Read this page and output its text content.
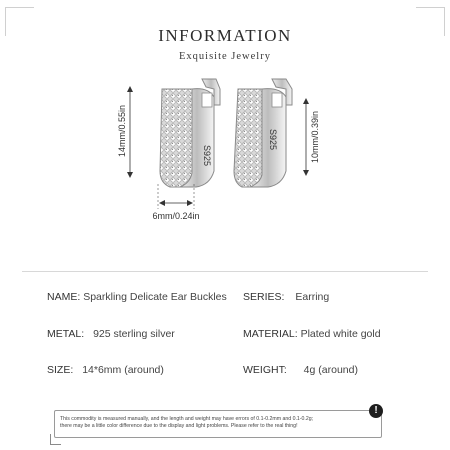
INFORMATION
Exquisite Jewelry
S925
S925
14mm/0.55in	10mm/0.39in
6mm/0.24in
NAME: Sparkling Delicate Ear Buckles SERIES: Earring
METAL: 925 sterling silver	MATERIAL: Plated white gold
SIZE: 14*6mm (around)	WEIGHT: 4g (around)
This commodity is measured manually, and the length and weight may have errors of 0.1-0.2mm and 0.1-0.2g;
there may be a little color difference due to the display and light problems. Please refer to the real thing!
!
